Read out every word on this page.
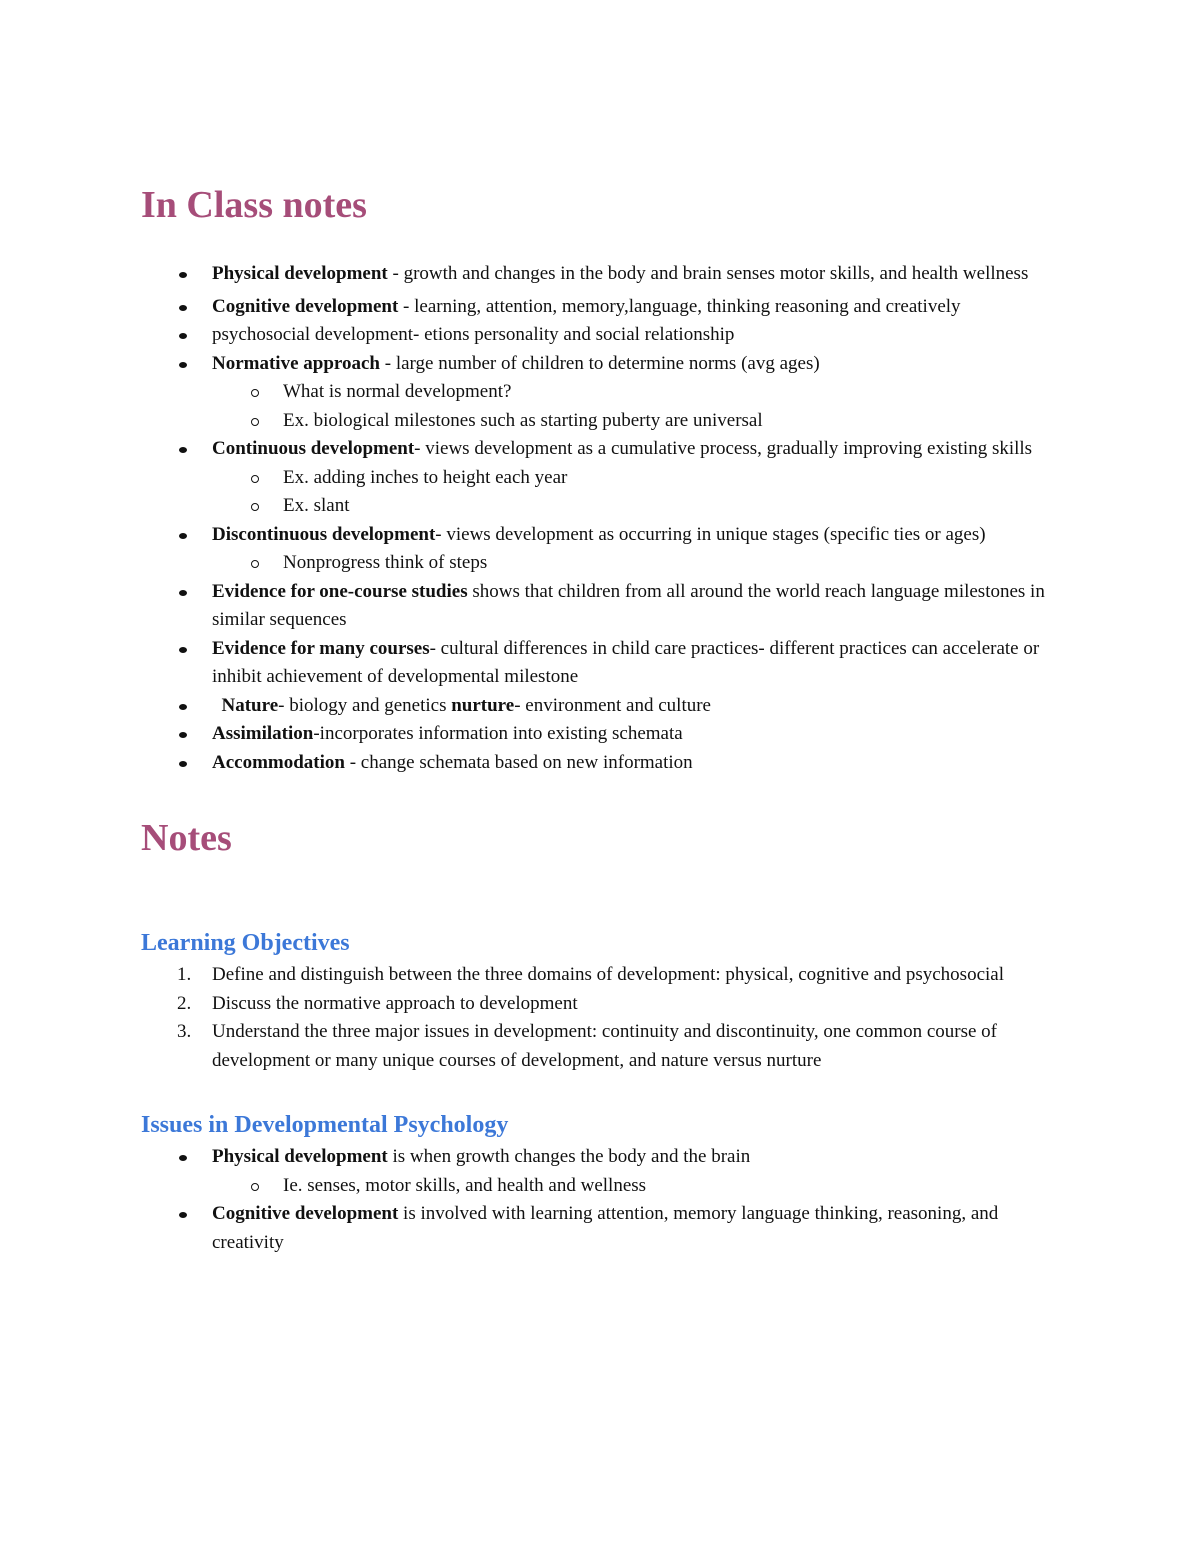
In Class notes
Physical development - growth and changes in the body and brain senses motor skills, and health wellness
Cognitive development - learning, attention, memory,language, thinking reasoning and creatively
psychosocial development- etions personality and social relationship
Normative approach - large number of children to determine norms (avg ages)
What is normal development?
Ex. biological milestones such as starting puberty are universal
Continuous development- views development as a cumulative process, gradually improving existing skills
Ex. adding inches to height each year
Ex. slant
Discontinuous development- views development as occurring in unique stages (specific ties or ages)
Nonprogress think of steps
Evidence for one-course studies shows that children from all around the world reach language milestones in similar sequences
Evidence for many courses- cultural differences in child care practices- different practices can accelerate or inhibit achievement of developmental milestone
Nature- biology and genetics nurture- environment and culture
Assimilation-incorporates information into existing schemata
Accommodation - change schemata based on new information
Notes
Learning Objectives
1.	Define and distinguish between the three domains of development: physical, cognitive and psychosocial
2.	Discuss the normative approach to development
3.	Understand the three major issues in development: continuity and discontinuity, one common course of development or many unique courses of development, and nature versus nurture
Issues in Developmental Psychology
Physical development is when growth changes the body and the brain
Ie. senses, motor skills, and health and wellness
Cognitive development is involved with learning attention, memory language thinking, reasoning, and creativity
